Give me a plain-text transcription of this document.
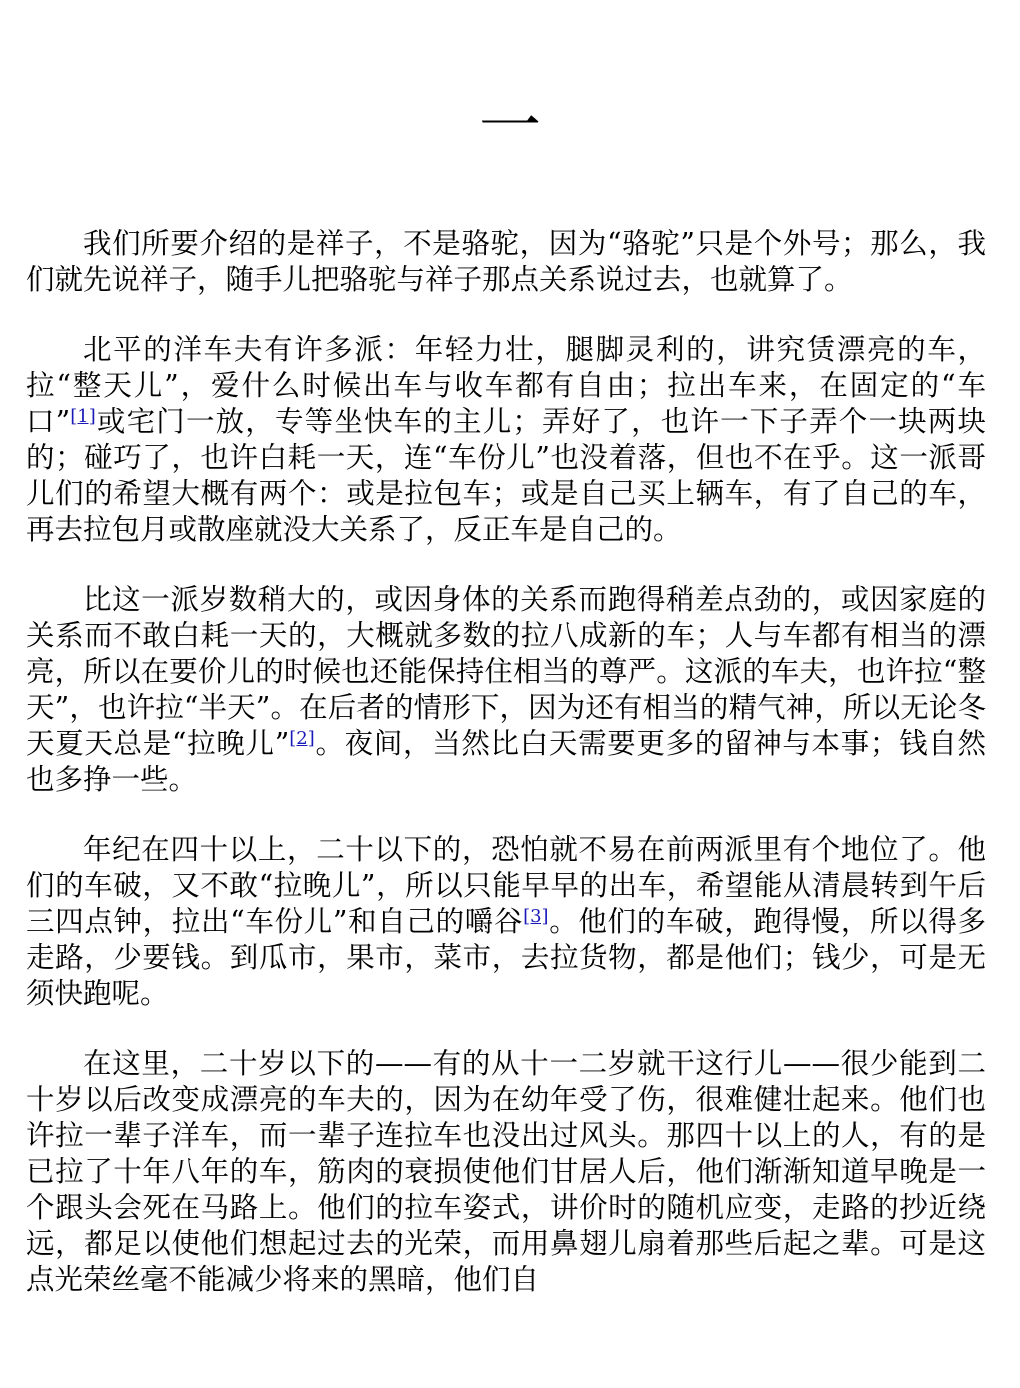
一

我们所要介绍的是祥子，不是骆驼，因为“骆驼”只是个外号；那么，我们就先说祥子，随手儿把骆驼与祥子那点关系说过去，也就算了。

北平的洋车夫有许多派：年轻力壮，腿脚灵利的，讲究赁漂亮的车，拉“整天儿”，爱什么时候出车与收车都有自由；拉出车来，在固定的“车口”[1]或宅门一放，专等坐快车的主儿；弄好了，也许一下子弄个一块两块的；碰巧了，也许白耗一天，连“车份儿”也没着落，但也不在乎。这一派哥儿们的希望大概有两个：或是拉包车；或是自己买上辆车，有了自己的车，再去拉包月或散座就没大关系了，反正车是自己的。

比这一派岁数稍大的，或因身体的关系而跑得稍差点劲的，或因家庭的关系而不敢白耗一天的，大概就多数的拉八成新的车；人与车都有相当的漂亮，所以在要价儿的时候也还能保持住相当的尊严。这派的车夫，也许拉“整天”，也许拉“半天”。在后者的情形下，因为还有相当的精气神，所以无论冬天夏天总是“拉晚儿”[2]。夜间，当然比白天需要更多的留神与本事；钱自然也多挣一些。

年纪在四十以上，二十以下的，恐怕就不易在前两派里有个地位了。他们的车破，又不敢“拉晚儿”，所以只能早早的出车，希望能从清晨转到午后三四点钟，拉出“车份儿”和自己的嚼谷[3]。他们的车破，跑得慢，所以得多走路，少要钱。到瓜市，果市，菜市，去拉货物，都是他们；钱少，可是无须快跑呢。

在这里，二十岁以下的——有的从十一二岁就干这行儿——很少能到二十岁以后改变成漂亮的车夫的，因为在幼年受了伤，很难健壮起来。他们也许拉一辈子洋车，而一辈子连拉车也没出过风头。那四十以上的人，有的是已拉了十年八年的车，筋肉的衰损使他们甘居人后，他们渐渐知道早晚是一个跟头会死在马路上。他们的拉车姿式，讲价时的随机应变，走路的抄近绕远，都足以使他们想起过去的光荣，而用鼻翅儿扇着那些后起之辈。可是这点光荣丝毫不能减少将来的黑暗，他们自
